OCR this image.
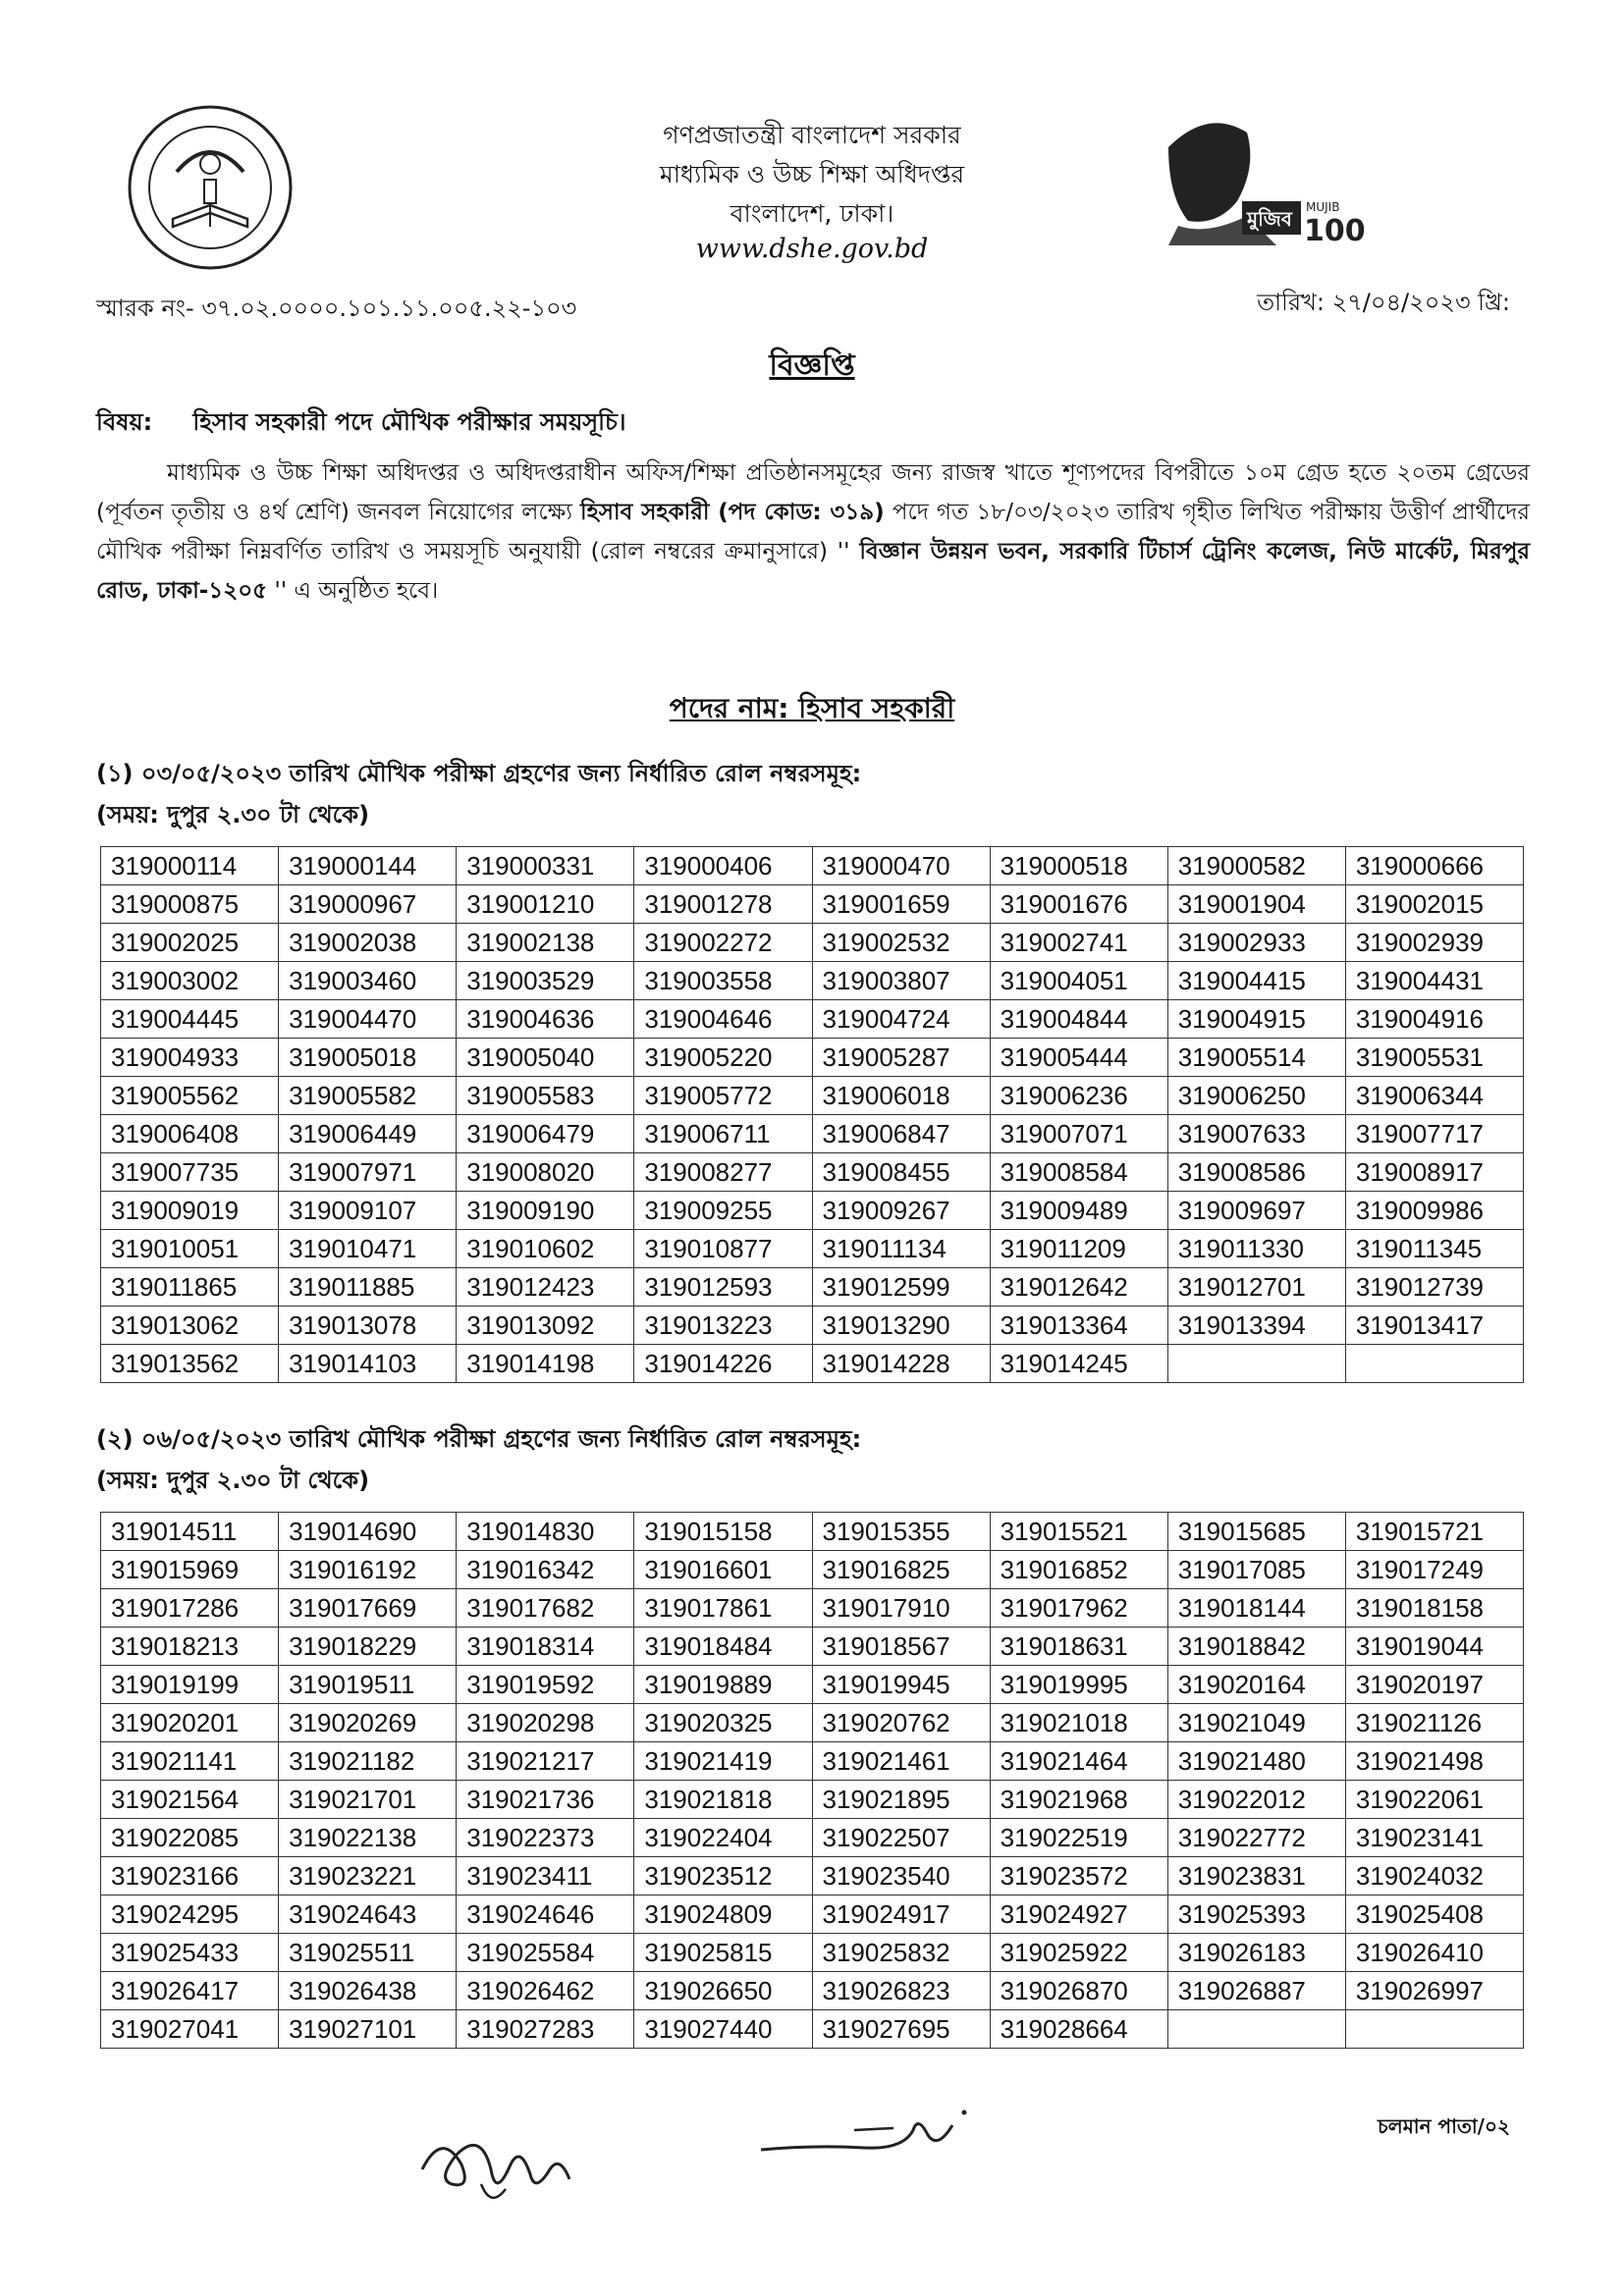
গণপ্রজাতন্ত্রী বাংলাদেশ সরকার
মাধ্যমিক ও উচ্চ শিক্ষা অধিদপ্তর
বাংলাদেশ, ঢাকা।
www.dshe.gov.bd
মুজিব MUJIB
100
স্মারক নং- ৩৭.০২.০০০০.১০১.১১.০০৫.২২-১০৩	তারিখ: ২৭/০৪/২০২৩ খ্রি:
বিজ্ঞপ্তি
বিষয়: হিসাব সহকারী পদে মৌখিক পরীক্ষার সময়সূচি।
মাধ্যমিক ও উচ্চ শিক্ষা অধিদপ্তর ও অধিদপ্তরাধীন অফিস/শিক্ষা প্রতিষ্ঠানসমূহের জন্য রাজস্ব খাতে শূণ্যপদের বিপরীতে ১০ম গ্রেড হতে ২০তম গ্রেডের (পূর্বতন তৃতীয় ও ৪র্থ শ্রেণি) জনবল নিয়োগের লক্ষ্যে হিসাব সহকারী (পদ কোড: ৩১৯) পদে গত ১৮/০৩/২০২৩ তারিখ গৃহীত লিখিত পরীক্ষায় উত্তীর্ণ প্রার্থীদের মৌখিক পরীক্ষা নিম্নবর্ণিত তারিখ ও সময়সূচি অনুযায়ী (রোল নম্বরের ক্রমানুসারে) '' বিজ্ঞান উন্নয়ন ভবন, সরকারি টিচার্স ট্রেনিং কলেজ, নিউ মার্কেট, মিরপুর রোড, ঢাকা-১২০৫ '' এ অনুষ্ঠিত হবে।
পদের নাম: হিসাব সহকারী
(১) ০৩/০৫/২০২৩ তারিখ মৌখিক পরীক্ষা গ্রহণের জন্য নির্ধারিত রোল নম্বরসমূহ:
(সময়: দুপুর ২.৩০ টা থেকে)
319000114	319000144	319000331	319000406	319000470	319000518	319000582	319000666
319000875	319000967	319001210	319001278	319001659	319001676	319001904	319002015
319002025	319002038	319002138	319002272	319002532	319002741	319002933	319002939
319003002	319003460	319003529	319003558	319003807	319004051	319004415	319004431
319004445	319004470	319004636	319004646	319004724	319004844	319004915	319004916
319004933	319005018	319005040	319005220	319005287	319005444	319005514	319005531
319005562	319005582	319005583	319005772	319006018	319006236	319006250	319006344
319006408	319006449	319006479	319006711	319006847	319007071	319007633	319007717
319007735	319007971	319008020	319008277	319008455	319008584	319008586	319008917
319009019	319009107	319009190	319009255	319009267	319009489	319009697	319009986
319010051	319010471	319010602	319010877	319011134	319011209	319011330	319011345
319011865	319011885	319012423	319012593	319012599	319012642	319012701	319012739
319013062	319013078	319013092	319013223	319013290	319013364	319013394	319013417
319013562	319014103	319014198	319014226	319014228	319014245		
(২) ০৬/০৫/২০২৩ তারিখ মৌখিক পরীক্ষা গ্রহণের জন্য নির্ধারিত রোল নম্বরসমূহ:
(সময়: দুপুর ২.৩০ টা থেকে)
319014511	319014690	319014830	319015158	319015355	319015521	319015685	319015721
319015969	319016192	319016342	319016601	319016825	319016852	319017085	319017249
319017286	319017669	319017682	319017861	319017910	319017962	319018144	319018158
319018213	319018229	319018314	319018484	319018567	319018631	319018842	319019044
319019199	319019511	319019592	319019889	319019945	319019995	319020164	319020197
319020201	319020269	319020298	319020325	319020762	319021018	319021049	319021126
319021141	319021182	319021217	319021419	319021461	319021464	319021480	319021498
319021564	319021701	319021736	319021818	319021895	319021968	319022012	319022061
319022085	319022138	319022373	319022404	319022507	319022519	319022772	319023141
319023166	319023221	319023411	319023512	319023540	319023572	319023831	319024032
319024295	319024643	319024646	319024809	319024917	319024927	319025393	319025408
319025433	319025511	319025584	319025815	319025832	319025922	319026183	319026410
319026417	319026438	319026462	319026650	319026823	319026870	319026887	319026997
319027041	319027101	319027283	319027440	319027695	319028664		
চলমান পাতা/০২
